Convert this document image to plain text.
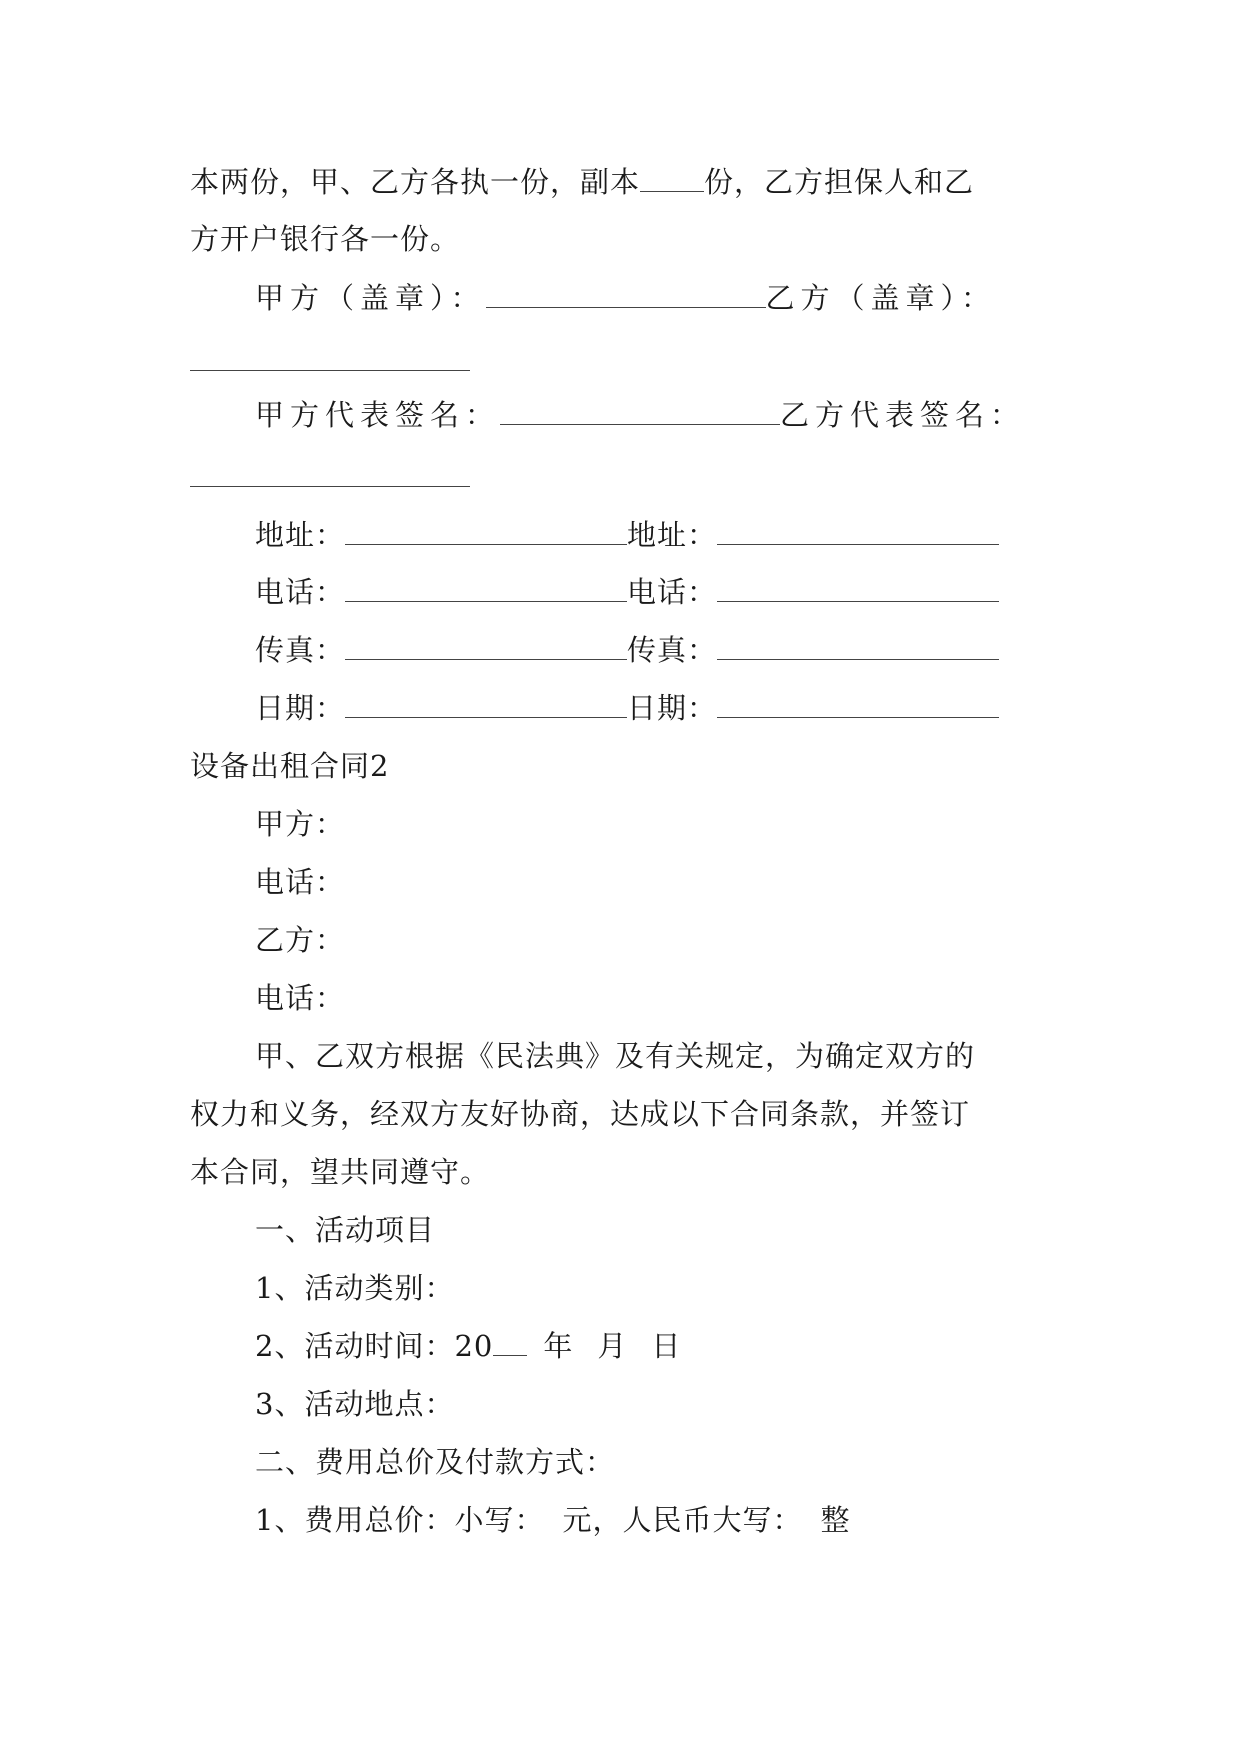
本两份，甲、乙方各执一份，副本 份，乙方担保人和乙
方开户银行各一份。
甲方（盖章）：	乙方（盖章）：
甲方代表签名：	乙方代表签名：
地址：	地址：
电话：	电话：
传真：	传真：
日期：	日期：
设备出租合同2
甲方：
电话：
乙方：
电话：
甲、乙双方根据《民法典》及有关规定，为确定双方的
权力和义务，经双方友好协商，达成以下合同条款，并签订
本合同，望共同遵守。
一、活动项目
1、活动类别：
2、活动时间：20 年 月 日
3、活动地点：
二、费用总价及付款方式：
1、费用总价：小写： 元，人民币大写： 整
